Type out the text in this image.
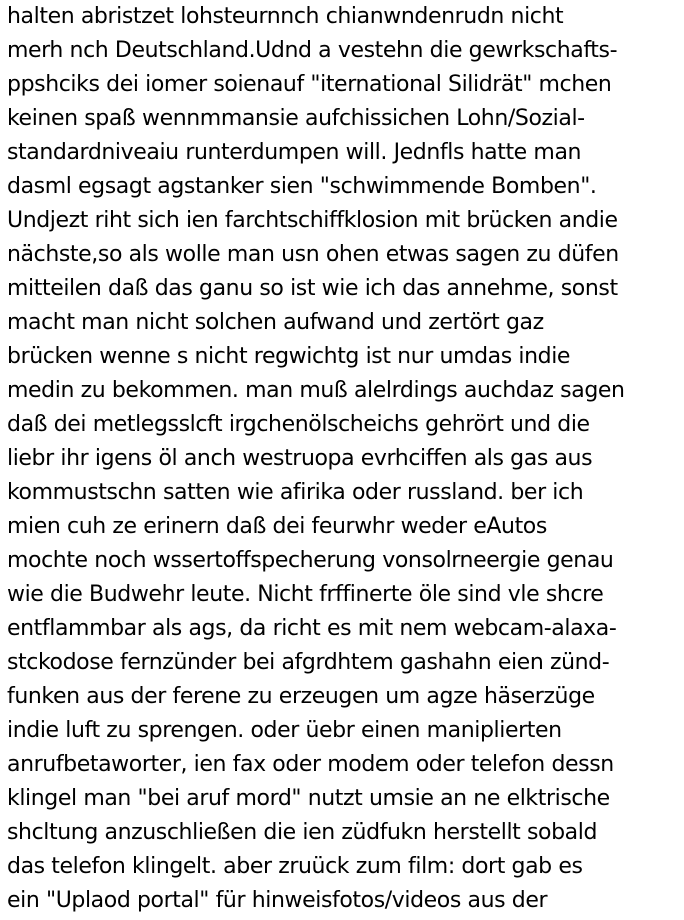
halten abristzet lohsteurnnch chianwndenrudn nicht
merh nch Deutschland.Udnd a vestehn die gewrkschafts-
ppshciks dei iomer soienauf "iternational Silidrät" mchen
keinen spaß wennmmansie aufchissichen Lohn/Sozial-
standardniveaiu runterdumpen will. Jednfls hatte man
dasml egsagt agstanker sien "schwimmende Bomben".
Undjezt riht sich ien farchtschiffklosion mit brücken andie
nächste,so als wolle man usn ohen etwas sagen zu düfen
mitteilen daß das ganu so ist wie ich das annehme, sonst
macht man nicht solchen aufwand und zertört gaz
brücken wenne s nicht regwichtg ist nur umdas indie
medin zu bekommen. man muß alelrdings auchdaz sagen
daß dei metlegsslcft irgchenölscheichs gehrört und die
liebr ihr igens öl anch westruopa evrhciffen als gas aus
kommustschn satten wie afirika oder russland. ber ich
mien cuh ze erinern daß dei feurwhr weder eAutos
mochte noch wssertoffspecherung vonsolrneergie genau
wie die Budwehr leute. Nicht frffinerte öle sind vle shcre
entflammbar als ags, da richt es mit nem webcam-alaxa-
stckodose fernzünder bei afgrdhtem gashahn eien zünd-
funken aus der ferene zu erzeugen um agze häserzüge
indie luft zu sprengen. oder üebr einen maniplierten
anrufbetaworter, ien fax oder modem oder telefon dessn
klingel man "bei aruf mord" nutzt umsie an ne elktrische
shcltung anzuschließen die ien züdfukn herstellt sobald
das telefon klingelt. aber zruück zum film: dort gab es
ein "Uplaod portal" für hinweisfotos/videos aus der
